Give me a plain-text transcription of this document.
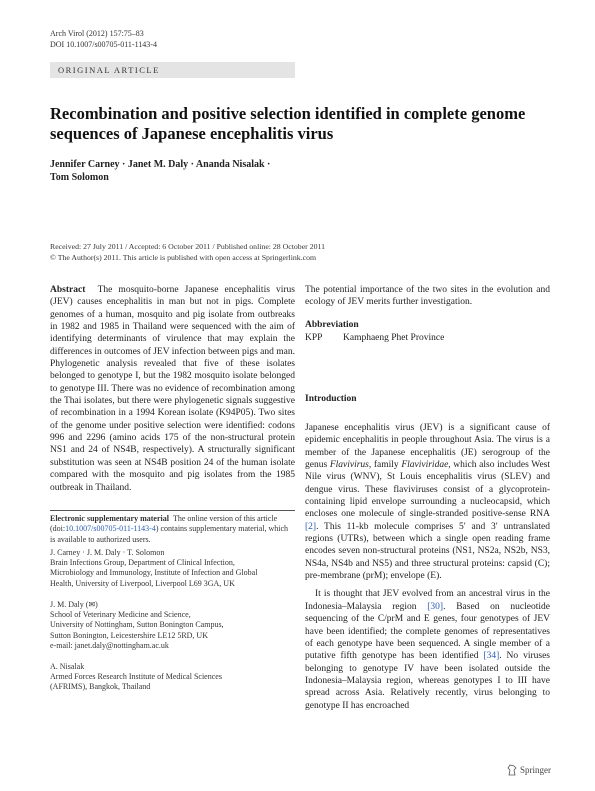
Arch Virol (2012) 157:75–83
DOI 10.1007/s00705-011-1143-4
ORIGINAL ARTICLE
Recombination and positive selection identified in complete genome sequences of Japanese encephalitis virus
Jennifer Carney · Janet M. Daly · Ananda Nisalak ·
Tom Solomon
Received: 27 July 2011 / Accepted: 6 October 2011 / Published online: 28 October 2011
© The Author(s) 2011. This article is published with open access at Springerlink.com

Abstract The mosquito-borne Japanese encephalitis virus (JEV) causes encephalitis in man but not in pigs. Complete genomes of a human, mosquito and pig isolate from outbreaks in 1982 and 1985 in Thailand were sequenced with the aim of identifying determinants of virulence that may explain the differences in outcomes of JEV infection between pigs and man. Phylogenetic analysis revealed that five of these isolates belonged to genotype I, but the 1982 mosquito isolate belonged to genotype III. There was no evidence of recombination among the Thai isolates, but there were phylogenetic signals suggestive of recombination in a 1994 Korean isolate (K94P05). Two sites of the genome under positive selection were identified: codons 996 and 2296 (amino acids 175 of the non-structural protein NS1 and 24 of NS4B, respectively). A structurally significant substitution was seen at NS4B position 24 of the human isolate compared with the mosquito and pig isolates from the 1985 outbreak in Thailand.

The potential importance of the two sites in the evolution and ecology of JEV merits further investigation.

Abbreviation
KPP Kamphaeng Phet Province
Introduction

Japanese encephalitis virus (JEV) is a significant cause of epidemic encephalitis in people throughout Asia. The virus is a member of the Japanese encephalitis (JE) serogroup of the genus Flavivirus, family Flaviviridae, which also includes West Nile virus (WNV), St Louis encephalitis virus (SLEV) and dengue virus. These flaviviruses consist of a glycoprotein-containing lipid envelope surrounding a nucleocapsid, which encloses one molecule of single-stranded positive-sense RNA [2]. This 11-kb molecule comprises 5′ and 3′ untranslated regions (UTRs), between which a single open reading frame encodes seven non-structural proteins (NS1, NS2a, NS2b, NS3, NS4a, NS4b and NS5) and three structural proteins: capsid (C); pre-membrane (prM); envelope (E).

It is thought that JEV evolved from an ancestral virus in the Indonesia–Malaysia region [30]. Based on nucleotide sequencing of the C/prM and E genes, four genotypes of JEV have been identified; the complete genomes of representatives of each genotype have been sequenced. A single member of a putative fifth genotype has been identified [34]. No viruses belonging to genotype IV have been isolated outside the Indonesia–Malaysia region, whereas genotypes I to III have spread across Asia. Relatively recently, virus belonging to genotype II has encroached

Electronic supplementary material The online version of this article (doi:10.1007/s00705-011-1143-4) contains supplementary material, which is available to authorized users.
J. Carney · J. M. Daly · T. Solomon
Brain Infections Group, Department of Clinical Infection,
Microbiology and Immunology, Institute of Infection and Global
Health, University of Liverpool, Liverpool L69 3GA, UK
J. M. Daly (✉)
School of Veterinary Medicine and Science,
University of Nottingham, Sutton Bonington Campus,
Sutton Bonington, Leicestershire LE12 5RD, UK
e-mail: janet.daly@nottingham.ac.uk
A. Nisalak
Armed Forces Research Institute of Medical Sciences
(AFRIMS), Bangkok, Thailand
Springer
